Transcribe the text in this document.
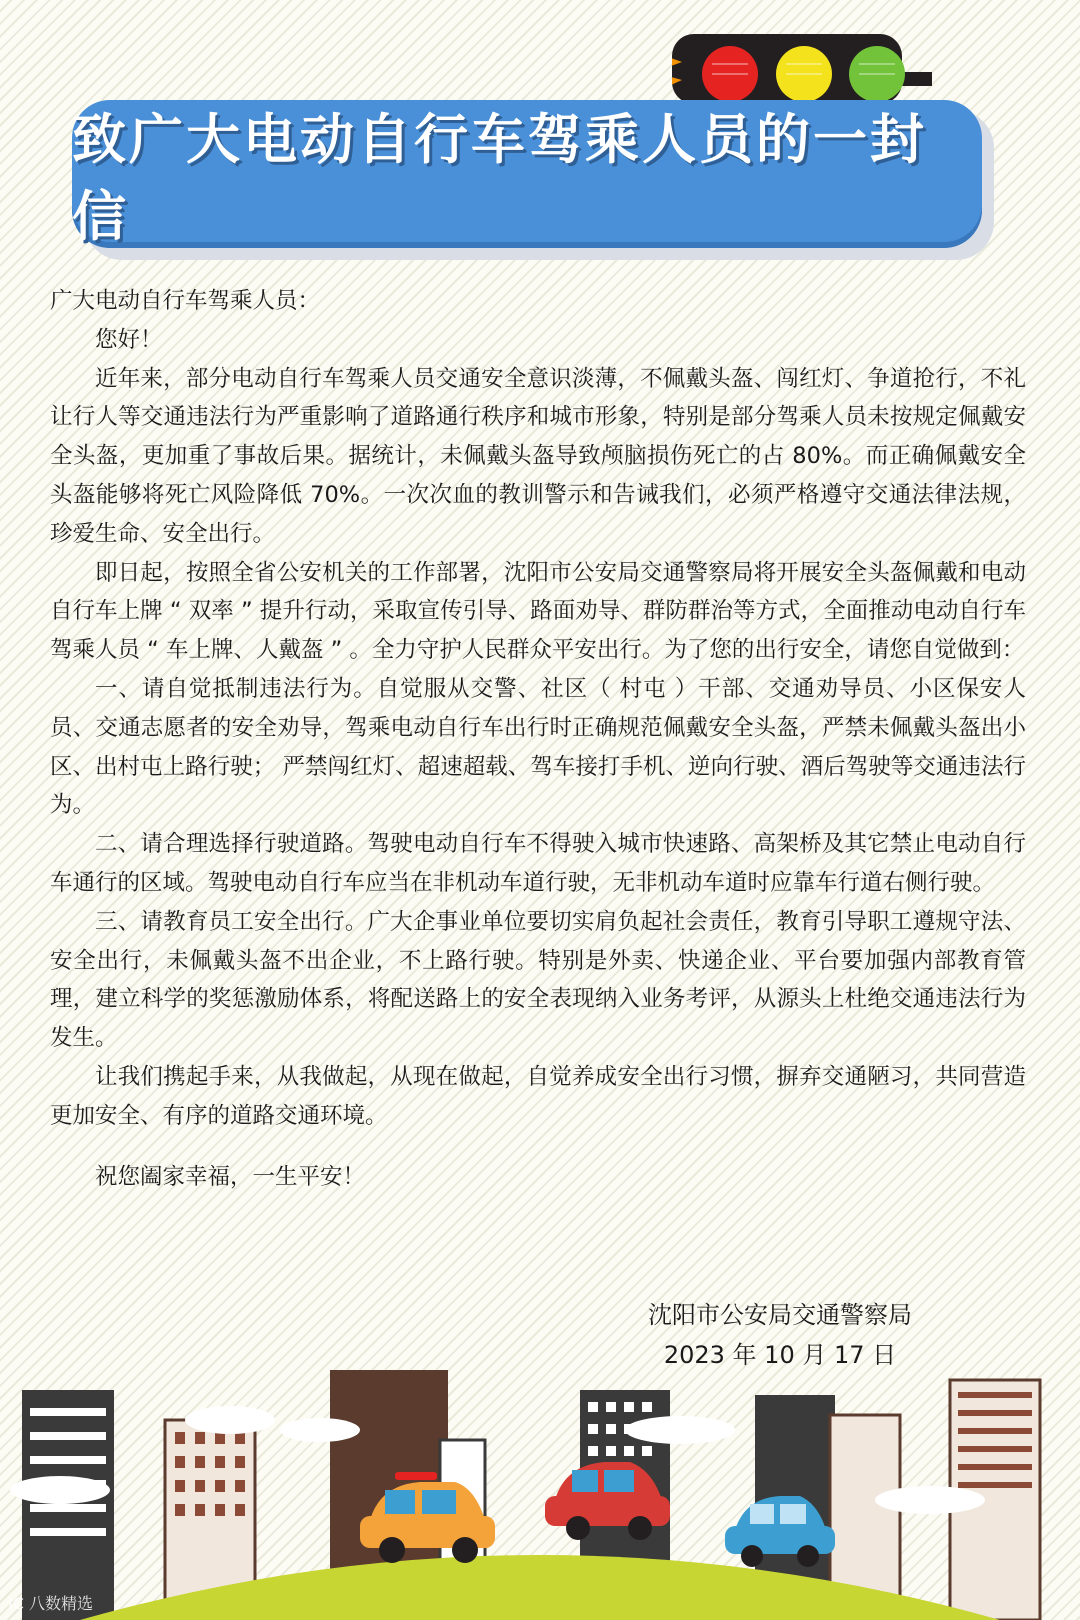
致广大电动自行车驾乘人员的一封信

广大电动自行车驾乘人员：

您好！

近年来，部分电动自行车驾乘人员交通安全意识淡薄，不佩戴头盔、闯红灯、争道抢行，不礼让行人等交通违法行为严重影响了道路通行秩序和城市形象，特别是部分驾乘人员未按规定佩戴安全头盔，更加重了事故后果。据统计，未佩戴头盔导致颅脑损伤死亡的占 80%。而正确佩戴安全头盔能够将死亡风险降低 70%。一次次血的教训警示和告诫我们，必须严格遵守交通法律法规，珍爱生命、安全出行。

即日起，按照全省公安机关的工作部署，沈阳市公安局交通警察局将开展安全头盔佩戴和电动自行车上牌 “ 双率 ” 提升行动，采取宣传引导、路面劝导、群防群治等方式，全面推动电动自行车驾乘人员 “ 车上牌、人戴盔 ” 。全力守护人民群众平安出行。为了您的出行安全，请您自觉做到：

一、请自觉抵制违法行为。自觉服从交警、社区（ 村屯 ）干部、交通劝导员、小区保安人员、交通志愿者的安全劝导，驾乘电动自行车出行时正确规范佩戴安全头盔，严禁未佩戴头盔出小区、出村屯上路行驶； 严禁闯红灯、超速超载、驾车接打手机、逆向行驶、酒后驾驶等交通违法行为。

二、请合理选择行驶道路。驾驶电动自行车不得驶入城市快速路、高架桥及其它禁止电动自行车通行的区域。驾驶电动自行车应当在非机动车道行驶，无非机动车道时应靠车行道右侧行驶。

三、请教育员工安全出行。广大企事业单位要切实肩负起社会责任，教育引导职工遵规守法、安全出行，未佩戴头盔不出企业，不上路行驶。特别是外卖、快递企业、平台要加强内部教育管理，建立科学的奖惩激励体系，将配送路上的安全表现纳入业务考评，从源头上杜绝交通违法行为发生。

让我们携起手来，从我做起，从现在做起，自觉养成安全出行习惯，摒弃交通陋习，共同营造更加安全、有序的道路交通环境。

祝您阖家幸福，一生平安！

沈阳市公安局交通警察局
2023 年 10 月 17 日
IC 八数精选
